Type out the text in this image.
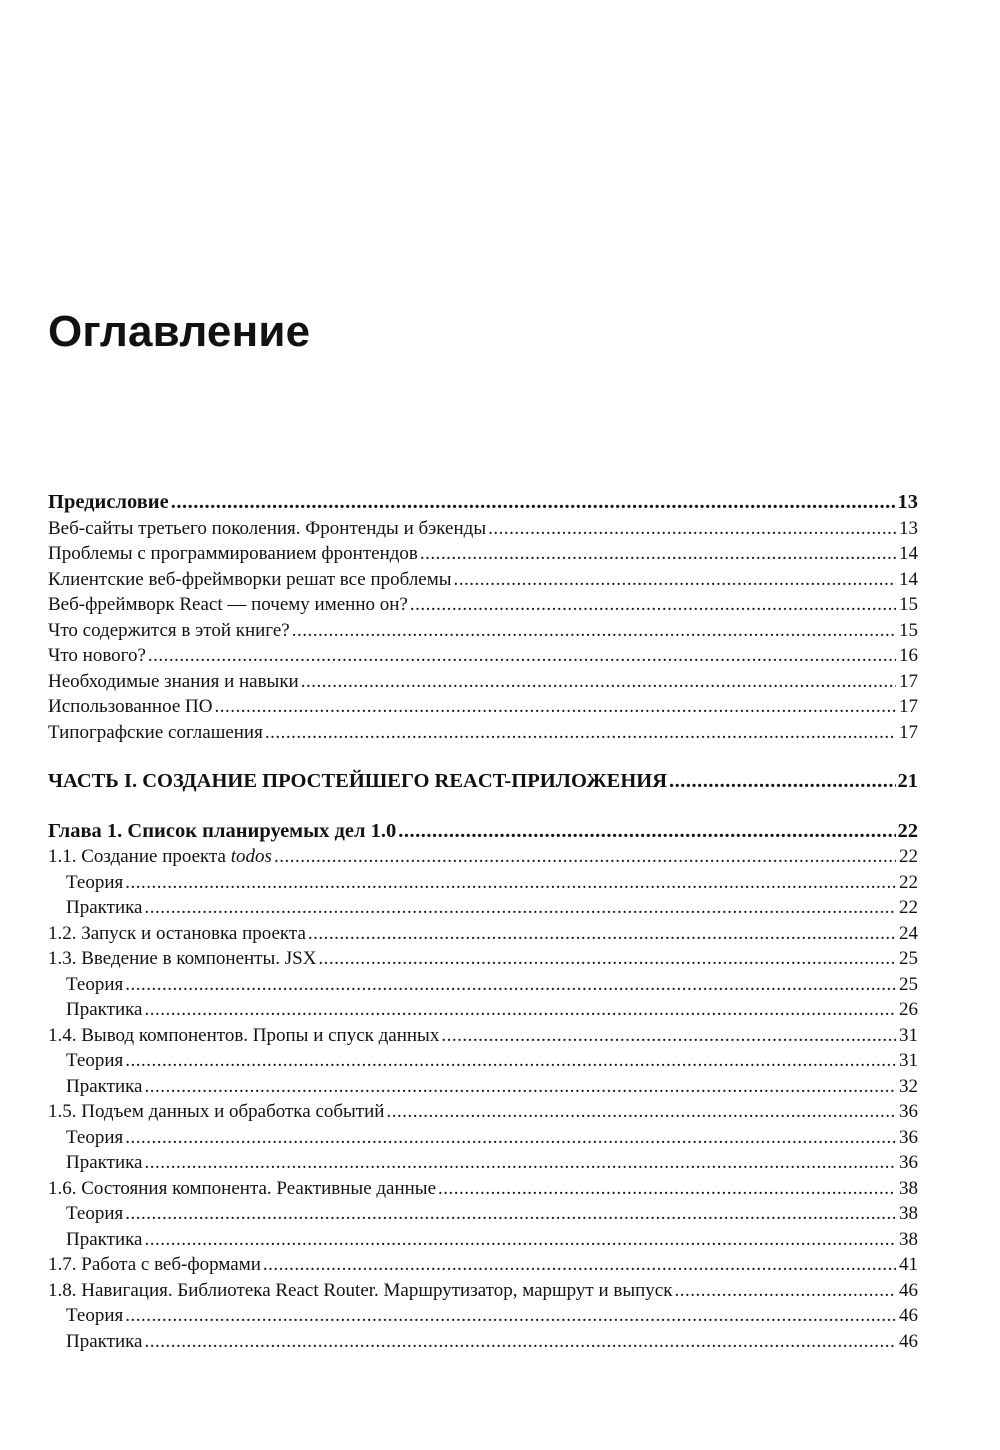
Оглавление
Предисловие .....	13
Веб-сайты третьего поколения. Фронтенды и бэкенды .....	13
Проблемы с программированием фронтендов .....	14
Клиентские веб-фреймворки решат все проблемы .....	14
Веб-фреймворк React — почему именно он? .....	15
Что содержится в этой книге? .....	15
Что нового? .....	16
Необходимые знания и навыки .....	17
Использованное ПО .....	17
Типографские соглашения .....	17
ЧАСТЬ I. СОЗДАНИЕ ПРОСТЕЙШЕГО REACT-ПРИЛОЖЕНИЯ .....	21
Глава 1. Список планируемых дел 1.0 .....	22
1.1. Создание проекта todos .....	22
Теория .....	22
Практика .....	22
1.2. Запуск и остановка проекта .....	24
1.3. Введение в компоненты. JSX .....	25
Теория .....	25
Практика .....	26
1.4. Вывод компонентов. Пропы и спуск данных .....	31
Теория .....	31
Практика .....	32
1.5. Подъем данных и обработка событий .....	36
Теория .....	36
Практика .....	36
1.6. Состояния компонента. Реактивные данные .....	38
Теория .....	38
Практика .....	38
1.7. Работа с веб-формами .....	41
1.8. Навигация. Библиотека React Router. Маршрутизатор, маршрут и выпуск .....	46
Теория .....	46
Практика .....	46
